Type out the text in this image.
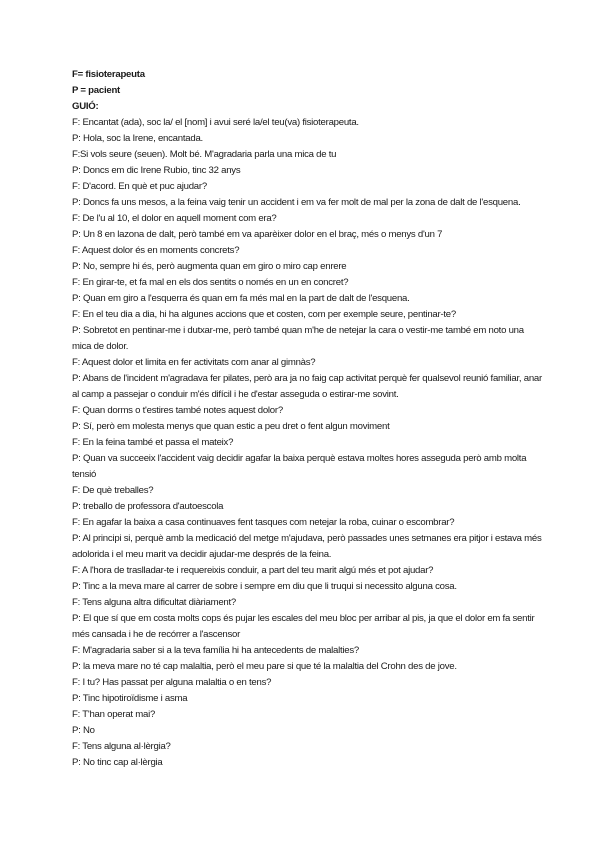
F= fisioterapeuta
P = pacient
GUIÓ:
F: Encantat (ada), soc la/ el [nom] i avui seré la/el teu(va) fisioterapeuta.
P: Hola, soc la Irene, encantada.
F:Si vols seure (seuen). Molt bé. M'agradaria parla una mica de tu
P: Doncs em dic Irene Rubio, tinc 32 anys
F: D'acord. En què et puc ajudar?
P: Doncs fa uns mesos, a la feina vaig tenir un accident i em va fer molt de mal per la zona de dalt de l'esquena.
F: De l'u al 10, el dolor en aquell moment com era?
P: Un 8 en lazona de dalt, però també em va aparèixer dolor en el braç, més o menys d'un 7
F: Aquest dolor és en moments concrets?
P: No, sempre hi és, però augmenta quan em giro o miro cap enrere
F: En girar-te, et fa mal en els dos sentits o només en un en concret?
P: Quan em giro a l'esquerra és quan em fa més mal en la part de dalt de l'esquena.
F: En el teu dia a dia, hi ha algunes accions que et costen, com per exemple seure, pentinar-te?
P: Sobretot en pentinar-me i dutxar-me, però també quan m'he de netejar la cara o vestir-me també em noto una mica de dolor.
F: Aquest dolor et limita en fer activitats com anar al gimnàs?
P: Abans de l'incident m'agradava fer pilates, però ara ja no faig cap activitat perquè fer qualsevol reunió familiar, anar al camp a passejar o conduir m'és difícil i he d'estar asseguda o estirar-me sovint.
F: Quan dorms o t'estires també notes aquest dolor?
P: Sí, però em molesta menys que quan estic a peu dret o fent algun moviment
F: En la feina també et passa el mateix?
P: Quan va succeeix l'accident vaig decidir agafar la baixa perquè estava moltes hores asseguda però amb molta tensió
F: De què treballes?
P: treballo de professora d'autoescola
F: En agafar la baixa a casa continuaves fent tasques com netejar la roba, cuinar o escombrar?
P: Al principi si, perquè amb la medicació del metge m'ajudava, però passades unes setmanes era pitjor i estava més adolorida i el meu marit va decidir ajudar-me després de la feina.
F: A l'hora de traslladar-te i requereixis conduir, a part del teu marit algú més et pot ajudar?
P: Tinc a la meva mare al carrer de sobre i sempre em diu que li truqui si necessito alguna cosa.
F: Tens alguna altra dificultat diàriament?
P: El que sí que em costa molts cops és pujar les escales del meu bloc per arribar al pis, ja que el dolor em fa sentir més cansada i he de recórrer a l'ascensor
F: M'agradaria saber si a la teva família hi ha antecedents de malalties?
P: la meva mare no té cap malaltia, però el meu pare si que té la malaltia del Crohn des de jove.
F: I tu? Has passat per alguna malaltia o en tens?
P: Tinc hipotiroïdisme i asma
F: T'han operat mai?
P: No
F: Tens alguna al·lèrgia?
P: No tinc cap al·lèrgia
